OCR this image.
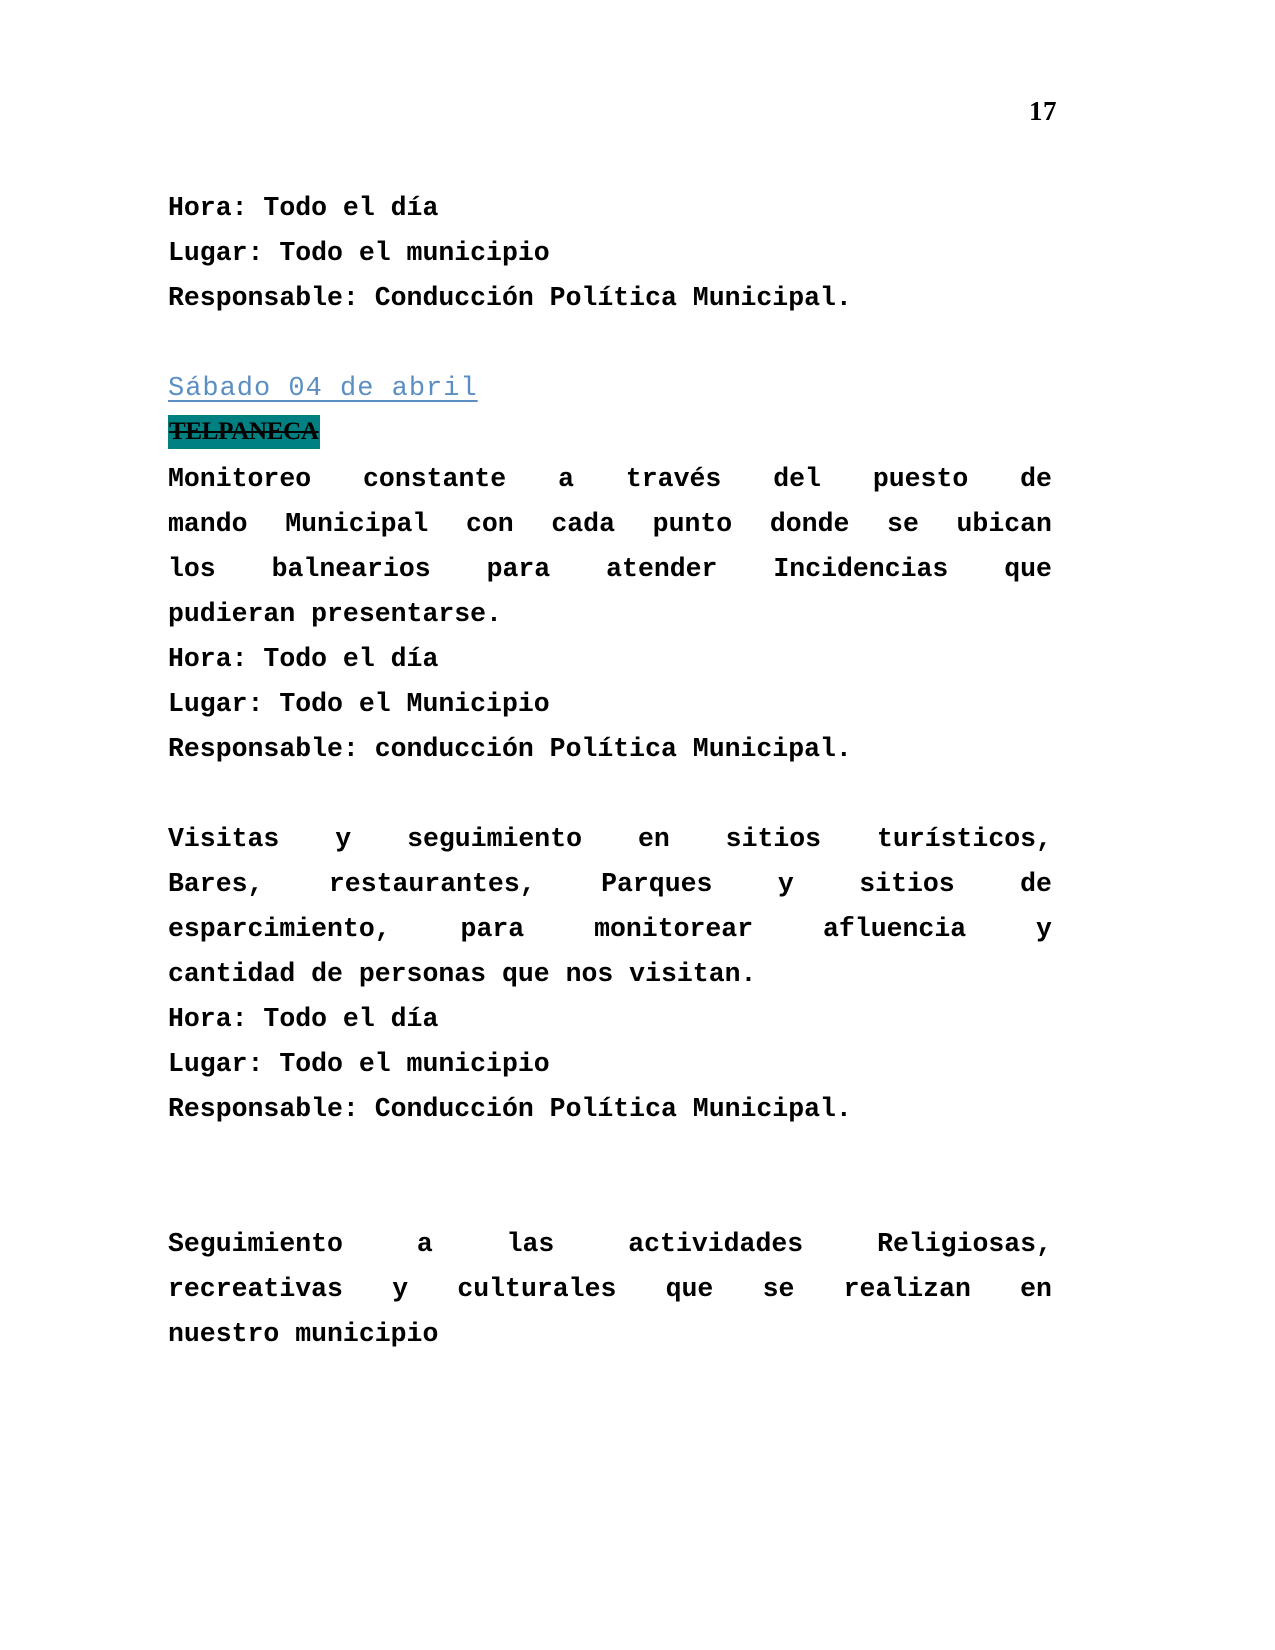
17
Hora: Todo el día
Lugar: Todo el municipio
Responsable: Conducción Política Municipal.
Sábado 04 de abril
TELPANECA
Monitoreo constante a través del puesto de
mando Municipal con cada punto donde se ubican
los balnearios para atender Incidencias que
pudieran presentarse.
Hora: Todo el día
Lugar: Todo el Municipio
Responsable: conducción Política Municipal.
Visitas y seguimiento en sitios turísticos,
Bares, restaurantes, Parques y sitios de
esparcimiento,	para	monitorear	afluencia	y
cantidad de personas que nos visitan.
Hora: Todo el día
Lugar: Todo el municipio
Responsable: Conducción Política Municipal.
Seguimiento	a	las	actividades	Religiosas,
recreativas y culturales que se realizan en
nuestro municipio
